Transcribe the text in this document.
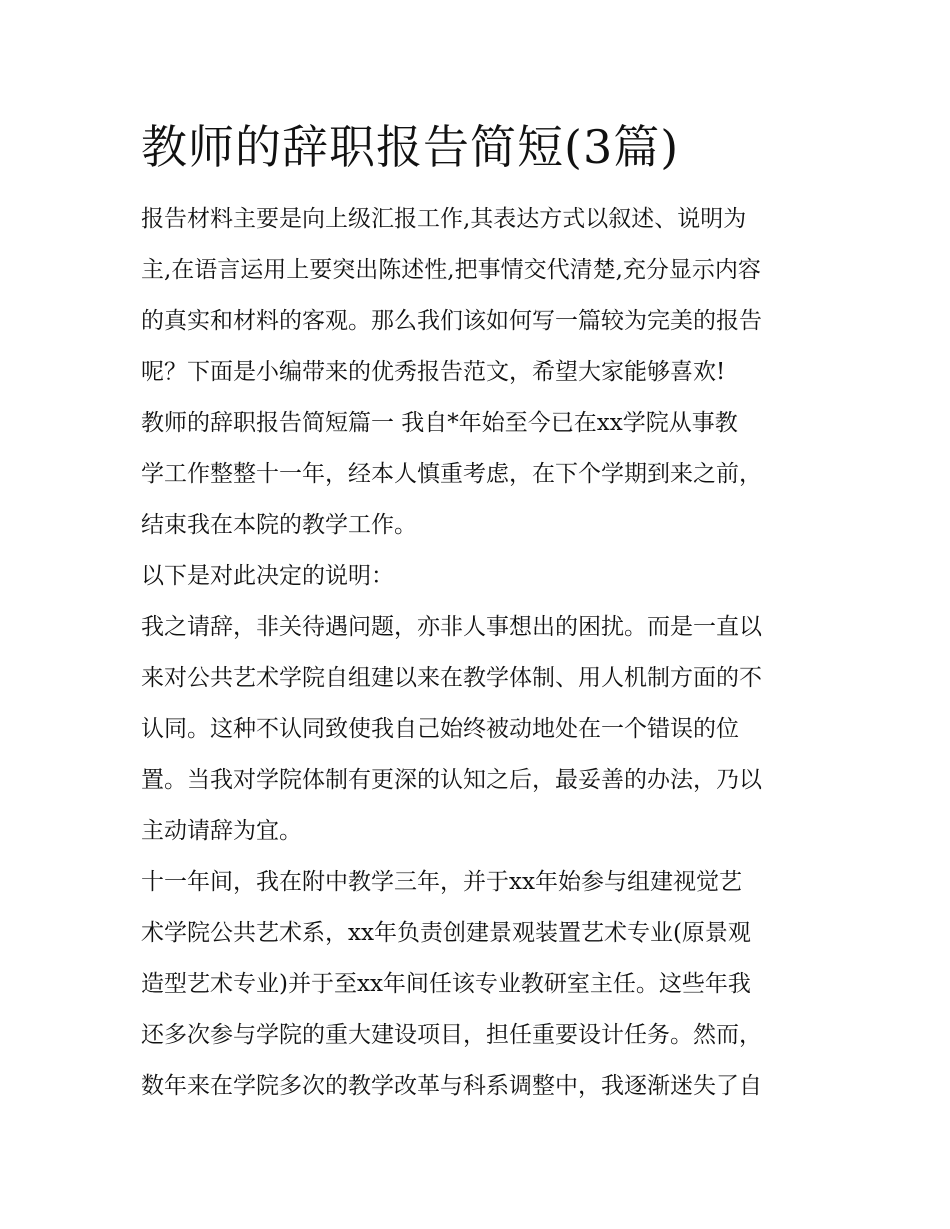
教师的辞职报告简短(3篇)

报告材料主要是向上级汇报工作,其表达方式以叙述、说明为
主,在语言运用上要突出陈述性,把事情交代清楚,充分显示内容
的真实和材料的客观。那么我们该如何写一篇较为完美的报告
呢？下面是小编带来的优秀报告范文，希望大家能够喜欢!

教师的辞职报告简短篇一 我自*年始至今已在xx学院从事教
学工作整整十一年，经本人慎重考虑，在下个学期到来之前，
结束我在本院的教学工作。

以下是对此决定的说明：

我之请辞，非关待遇问题，亦非人事想出的困扰。而是一直以
来对公共艺术学院自组建以来在教学体制、用人机制方面的不
认同。这种不认同致使我自己始终被动地处在一个错误的位
置。当我对学院体制有更深的认知之后，最妥善的办法，乃以
主动请辞为宜。

十一年间，我在附中教学三年，并于xx年始参与组建视觉艺
术学院公共艺术系，xx年负责创建景观装置艺术专业(原景观
造型艺术专业)并于至xx年间任该专业教研室主任。这些年我
还多次参与学院的重大建设项目，担任重要设计任务。然而，
数年来在学院多次的教学改革与科系调整中，我逐渐迷失了自
